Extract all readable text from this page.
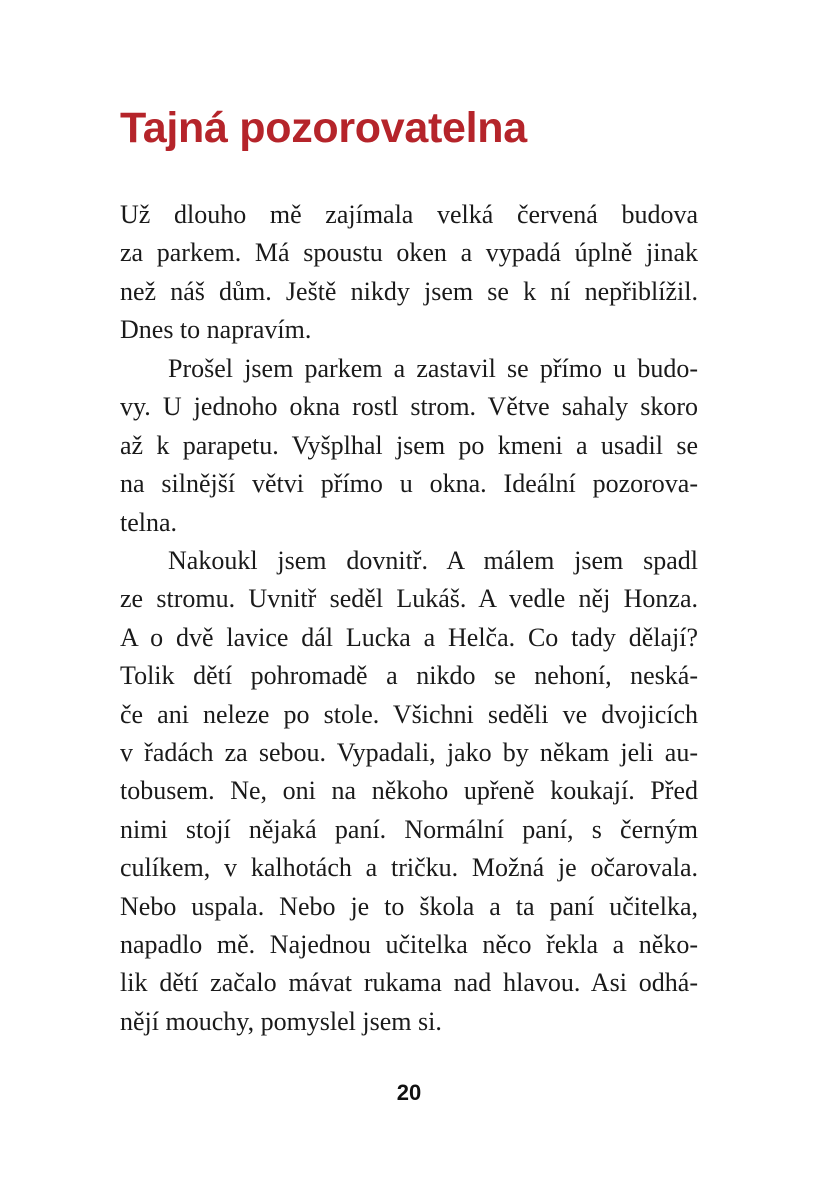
Tajná pozorovatelna
Už dlouho mě zajímala velká červená budova
za parkem. Má spoustu oken a vypadá úplně jinak
než náš dům. Ještě nikdy jsem se k ní nepřiblížil.
Dnes to napravím.
Prošel jsem parkem a zastavil se přímo u budo-
vy. U jednoho okna rostl strom. Větve sahaly skoro
až k parapetu. Vyšplhal jsem po kmeni a usadil se
na silnější větvi přímo u okna. Ideální pozorova-
telna.
Nakoukl jsem dovnitř. A málem jsem spadl
ze stromu. Uvnitř seděl Lukáš. A vedle něj Honza.
A o dvě lavice dál Lucka a Helča. Co tady dělají?
Tolik dětí pohromadě a nikdo se nehoní, neská-
če ani neleze po stole. Všichni seděli ve dvojicích
v řadách za sebou. Vypadali, jako by někam jeli au-
tobusem. Ne, oni na někoho upřeně koukají. Před
nimi stojí nějaká paní. Normální paní, s černým
culíkem, v kalhotách a tričku. Možná je očarovala.
Nebo uspala. Nebo je to škola a ta paní učitelka,
napadlo mě. Najednou učitelka něco řekla a něko-
lik dětí začalo mávat rukama nad hlavou. Asi odhá-
nějí mouchy, pomyslel jsem si.
20
